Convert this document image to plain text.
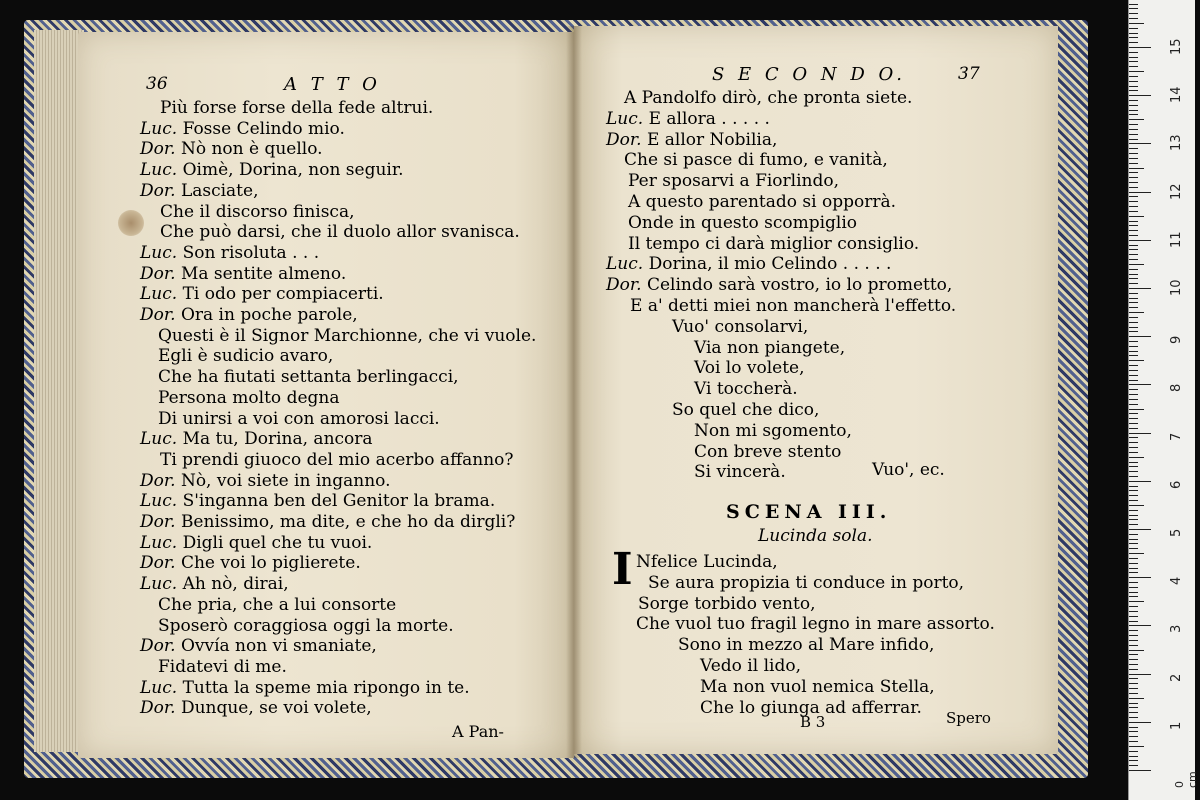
36	A T T O
Più forse forse della fede altrui.
Luc. Fosse Celindo mio.
Dor. Nò non è quello.
Luc. Oimè, Dorina, non seguir.
Dor. Lasciate,
Che il discorso finisca,
Che può darsi, che il duolo allor svanisca.
Luc. Son risoluta . . .
Dor. Ma sentite almeno.
Luc. Ti odo per compiacerti.
Dor. Ora in poche parole,
Questi è il Signor Marchionne, che vi vuole.
Egli è sudicio avaro,
Che ha fiutati settanta berlingacci,
Persona molto degna
Di unirsi a voi con amorosi lacci.
Luc. Ma tu, Dorina, ancora
Ti prendi giuoco del mio acerbo affanno?
Dor. Nò, voi siete in inganno.
Luc. S'inganna ben del Genitor la brama.
Dor. Benissimo, ma dite, e che ho da dirgli?
Luc. Digli quel che tu vuoi.
Dor. Che voi lo piglierete.
Luc. Ah nò, dirai,
Che pria, che a lui consorte
Sposerò coraggiosa oggi la morte.
Dor. Ovvía non vi smaniate,
Fidatevi di me.
Luc. Tutta la speme mia ripongo in te.
Dor. Dunque, se voi volete,
A Pan-
S E C O N D O.	37
A Pandolfo dirò, che pronta siete.
Luc. E allora . . . . .
Dor. E allor Nobilia,
Che si pasce di fumo, e vanità,
Per sposarvi a Fiorlindo,
A questo parentado si opporrà.
Onde in questo scompiglio
Il tempo ci darà miglior consiglio.
Luc. Dorina, il mio Celindo . . . . .
Dor. Celindo sarà vostro, io lo prometto,
E a' detti miei non mancherà l'effetto.
Vuo' consolarvi,
Via non piangete,
Voi lo volete,
Vi toccherà.
So quel che dico,
Non mi sgomento,
Con breve stento
Si vincerà.	Vuo', ec.
SCENA III.
Lucinda sola.
I Nfelice Lucinda,
Se aura propizia ti conduce in porto,
Sorge torbido vento,
Che vuol tuo fragil legno in mare assorto.
Sono in mezzo al Mare infido,
Vedo il lido,
Ma non vuol nemica Stella,
Che lo giunga ad afferrar.
B 3	Spero	1
2
3
4
5
6
7
8
9
10
11
12
13
14
15
0 cm
